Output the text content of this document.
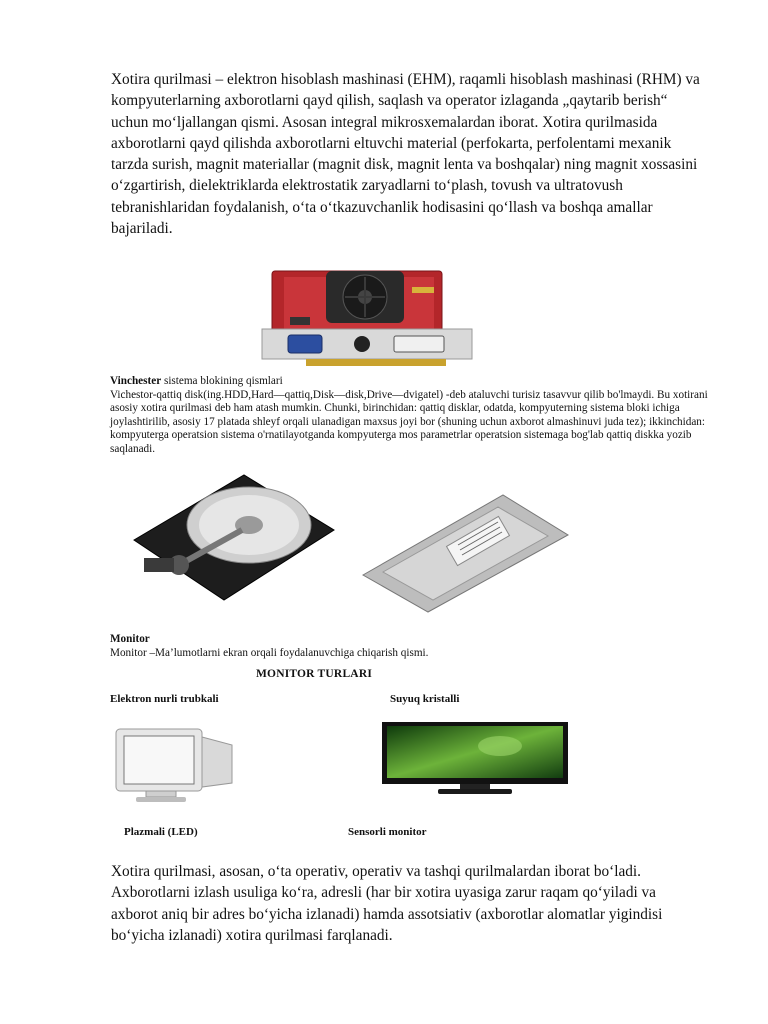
Xotira qurilmasi – elektron hisoblash mashinasi (EHM), raqamli hisoblash mashinasi (RHM) va kompyuterlarning axborotlarni qayd qilish, saqlash va operator izlaganda „qaytarib berish“ uchun mo‘ljallangan qismi. Asosan integral mikrosxemalardan iborat. Xotira qurilmasida axborotlarni qayd qilishda axborotlarni eltuvchi material (perfokarta, perfolentami mexanik tarzda surish, magnit materiallar (magnit disk, magnit lenta va boshqalar) ning magnit xossasini o‘zgartirish, dielektriklarda elektrostatik zaryadlarni to‘plash, tovush va ultratovush tebranishlaridan foydalanish, o‘ta o‘tkazuvchanlik hodisasini qo‘llash va boshqa amallar bajariladi.

Vinchester sistema blokining qismlari
Vichestor-qattiq disk(ing.HDD,Hard—qattiq,Disk—disk,Drive—dvigatel) -deb ataluvchi turisiz tasavvur qilib bo'lmaydi. Bu xotirani asosiy xotira qurilmasi deb ham atash mumkin. Chunki, birinchidan: qattiq disklar, odatda, kompyuterning sistema bloki ichiga joylashtirilib, asosiy 17 platada shleyf orqali ulanadigan maxsus joyi bor (shuning uchun axborot almashinuvi juda tez); ikkinchidan: kompyuterga operatsion sistema o'rnatilayotganda kompyuterga mos parametrlar operatsion sistemaga bog'lab qattiq diskka yozib saqlanadi.
Monitor
Monitor –Ma’lumotlarni ekran orqali foydalanuvchiga chiqarish qismi.
MONITOR TURLARI
Elektron nurli trubkali	Suyuq kristalli
Plazmali (LED)	Sensorli monitor

Xotira qurilmasi, asosan, o‘ta operativ, operativ va tashqi qurilmalardan iborat bo‘ladi. Axborotlarni izlash usuliga ko‘ra, adresli (har bir xotira uyasiga zarur raqam qo‘yiladi va axborot aniq bir adres bo‘yicha izlanadi) hamda assotsiativ (axborotlar alomatlar yigindisi bo‘yicha izlanadi) xotira qurilmasi farqlanadi.
